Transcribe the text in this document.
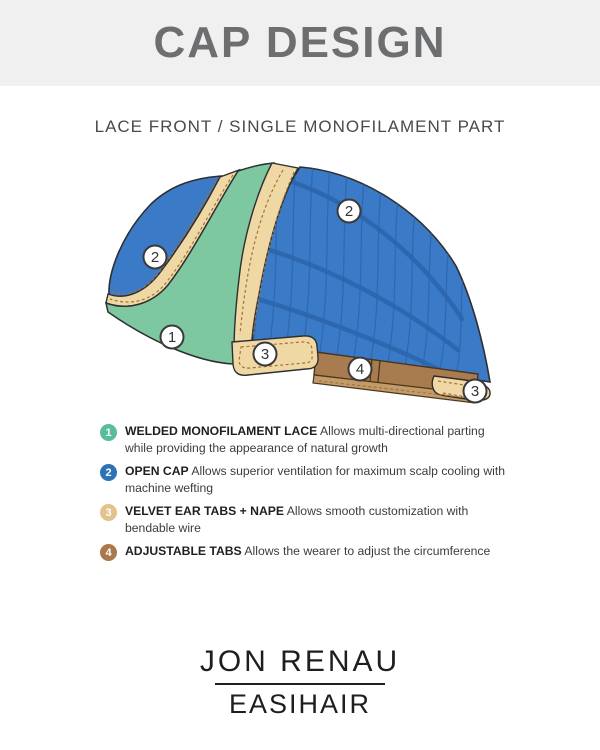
CAP DESIGN
LACE FRONT / SINGLE MONOFILAMENT PART
2
1
3
4
3
2
1	WELDED MONOFILAMENT LACE Allows multi-directional parting while providing the appearance of natural growth
2	OPEN CAP Allows superior ventilation for maximum scalp cooling with machine wefting
3	VELVET EAR TABS + NAPE Allows smooth customization with bendable wire
4	ADJUSTABLE TABS Allows the wearer to adjust the circumference
JON RENAU
EASIHAIR
